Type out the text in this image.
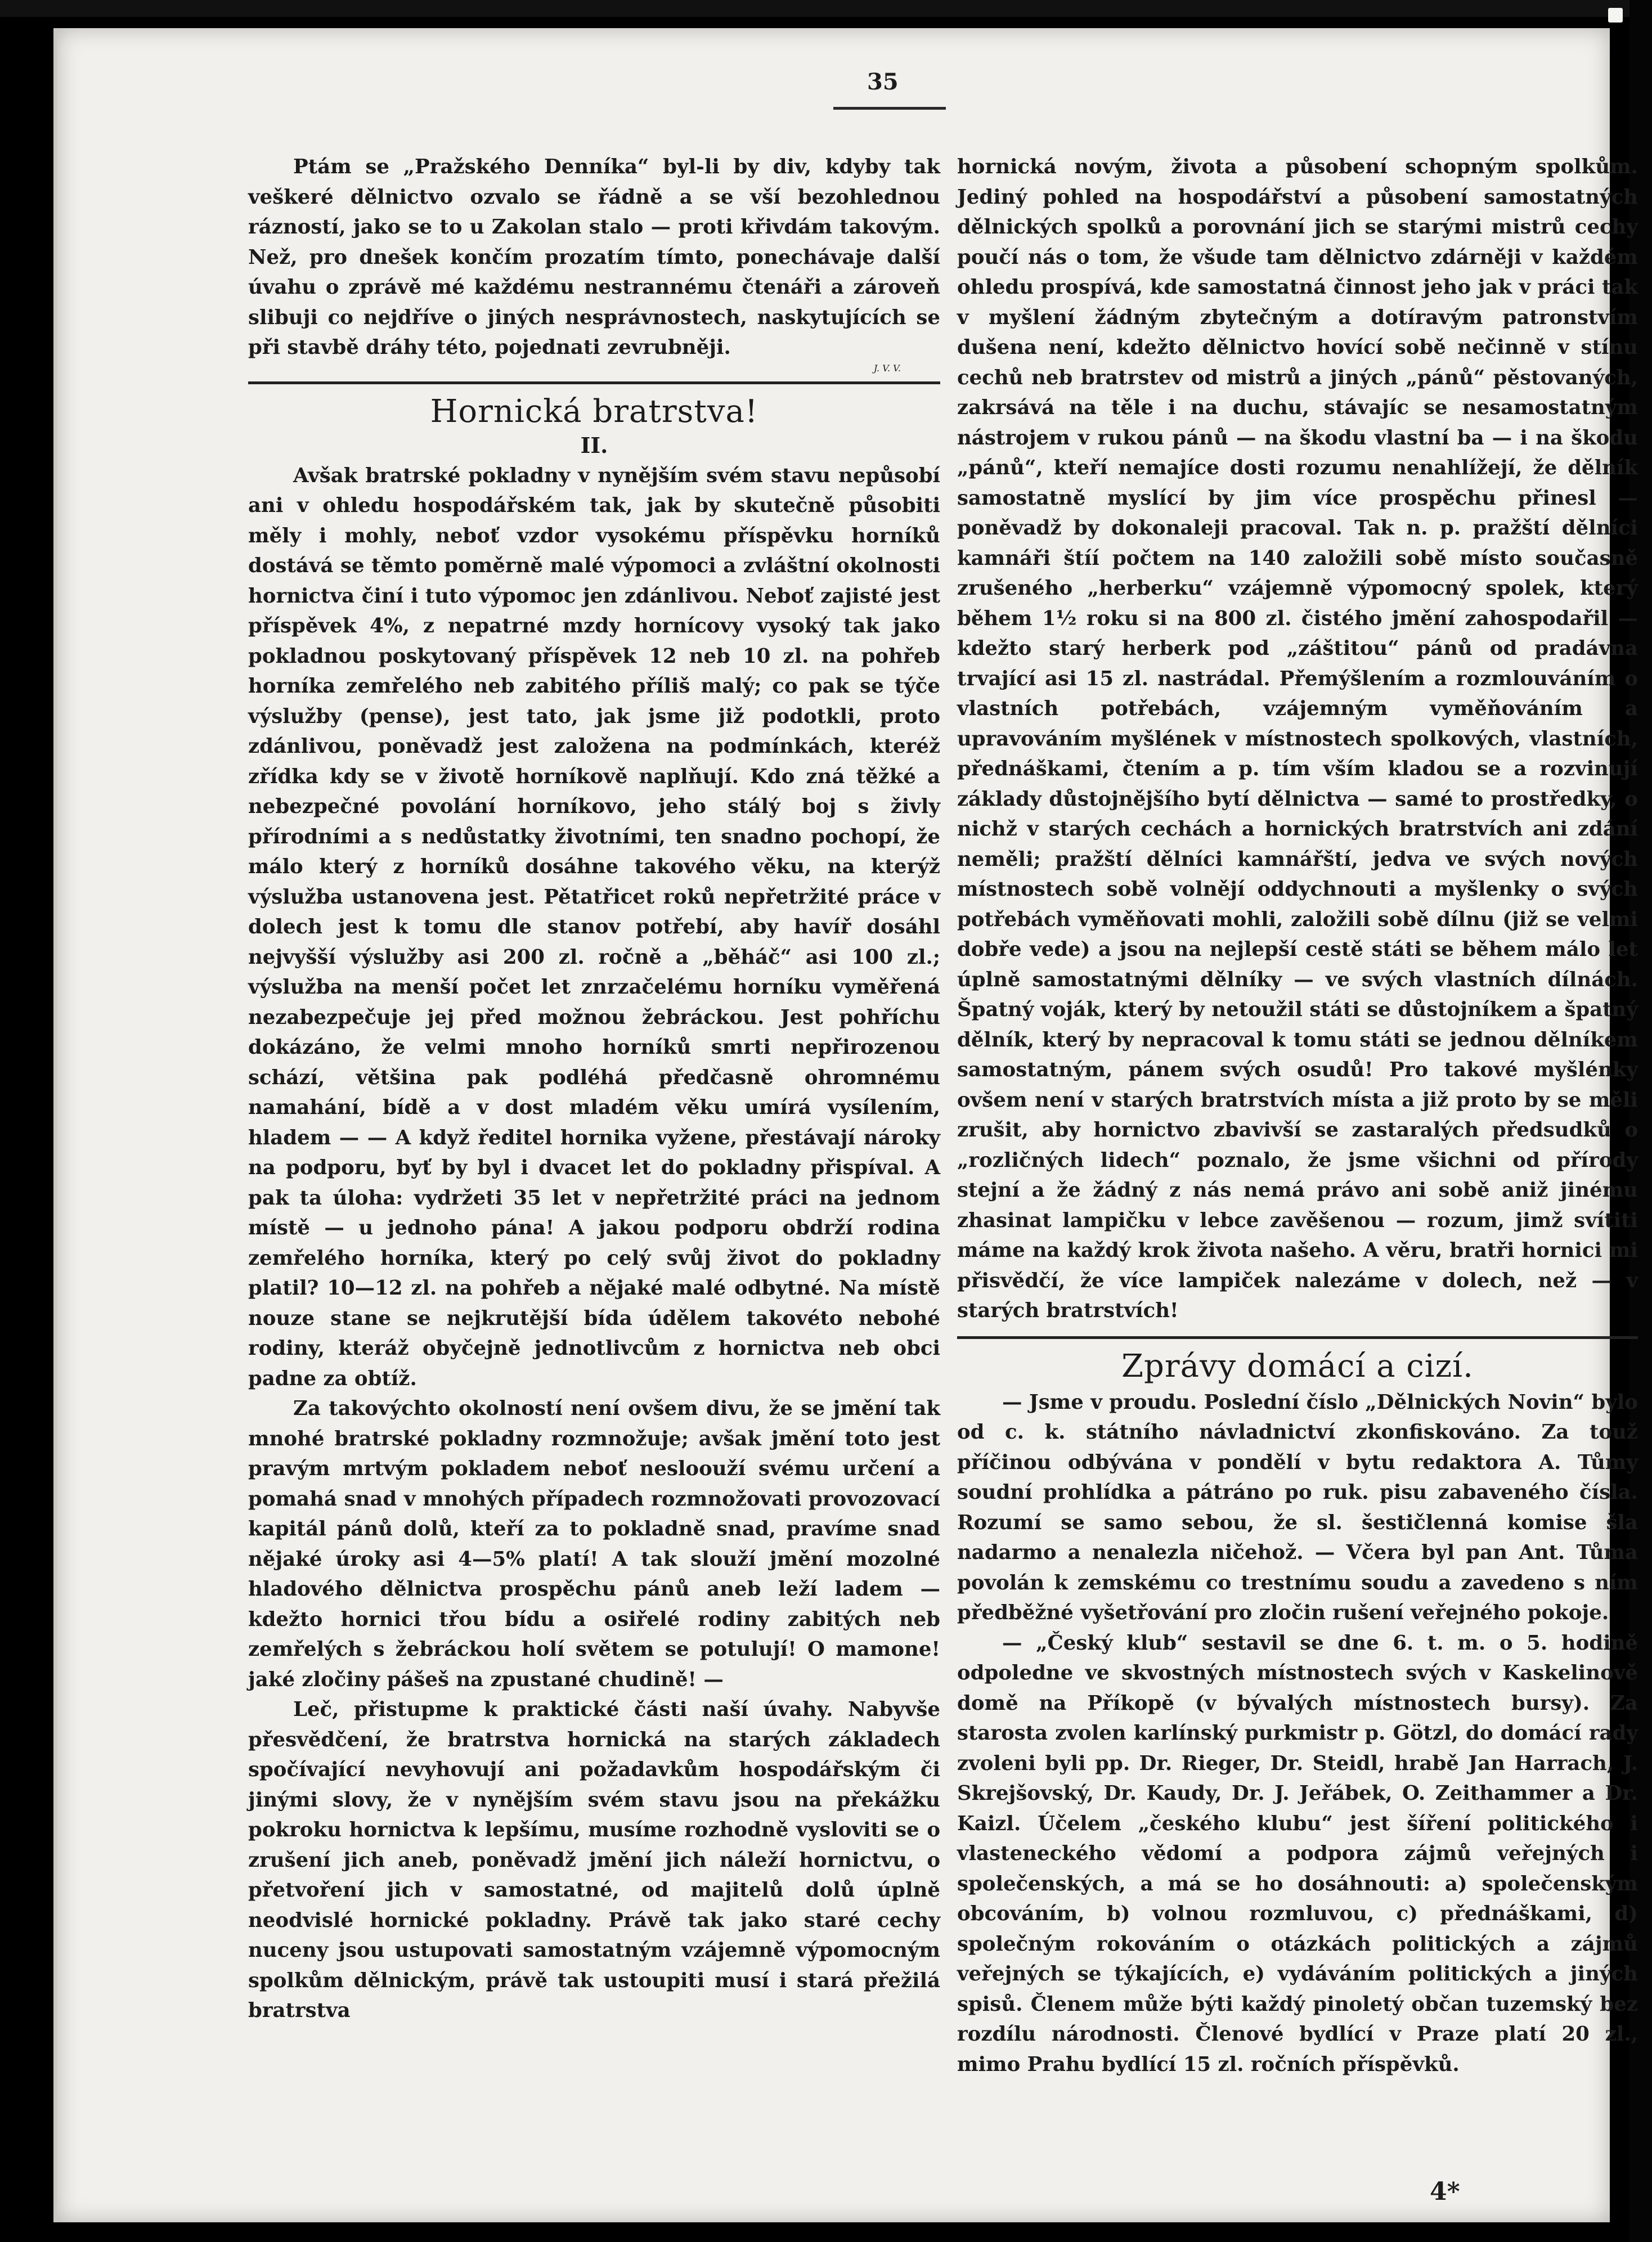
35

Ptám se „Pražského Denníka“ byl-li by div, kdyby tak veškeré dělnictvo ozvalo se řádně a se vší bezohlednou rázností, jako se to u Zakolan stalo — proti křivdám takovým. Než, pro dnešek končím prozatím tímto, ponechávaje další úvahu o zprávě mé každému nestrannému čtenáři a zároveň slibuji co nejdříve o jiných nesprávnostech, naskytujících se při stavbě dráhy této, pojednati zevrubněji.

J. V. V.
Hornická bratrstva!
II.

Avšak bratrské pokladny v nynějším svém stavu nepůsobí ani v ohledu hospodářském tak, jak by skutečně působiti měly i mohly, neboť vzdor vysokému příspěvku horníků dostává se těmto poměrně malé výpomoci a zvláštní okolnosti hornictva činí i tuto výpomoc jen zdánlivou. Neboť zajisté jest příspěvek 4%, z nepatrné mzdy hornícovy vysoký tak jako pokladnou poskytovaný příspěvek 12 neb 10 zl. na pohřeb horníka zemřelého neb zabitého příliš malý; co pak se týče výslužby (pense), jest tato, jak jsme již podotkli, proto zdánlivou, poněvadž jest založena na podmínkách, kteréž zřídka kdy se v životě horníkově naplňují. Kdo zná těžké a nebezpečné povolání horníkovo, jeho stálý boj s živly přírodními a s nedůstatky životními, ten snadno pochopí, že málo který z horníků dosáhne takového věku, na kterýž výslužba ustanovena jest. Pětatřicet roků nepřetržité práce v dolech jest k tomu dle stanov potřebí, aby havíř dosáhl nejvyšší výslužby asi 200 zl. ročně a „běháč“ asi 100 zl.; výslužba na menší počet let znrzačelému horníku vyměřená nezabezpečuje jej před možnou žebráckou. Jest pohříchu dokázáno, že velmi mnoho horníků smrti nepřirozenou schází, většina pak podléhá předčasně ohromnému namahání, bídě a v dost mladém věku umírá vysílením, hladem — — A když ředitel hornika vyžene, přestávají nároky na podporu, byť by byl i dvacet let do pokladny přispíval. A pak ta úloha: vydržeti 35 let v nepřetržité práci na jednom místě — u jednoho pána! A jakou podporu obdrží rodina zemřelého horníka, který po celý svůj život do pokladny platil? 10—12 zl. na pohřeb a nějaké malé odbytné. Na místě nouze stane se nejkrutější bída údělem takovéto nebohé rodiny, kteráž obyčejně jednotlivcům z hornictva neb obci padne za obtíž.

Za takovýchto okolností není ovšem divu, že se jmění tak mnohé bratrské pokladny rozmnožuje; avšak jmění toto jest pravým mrtvým pokladem neboť nesloouží svému určení a pomahá snad v mnohých případech rozmnožovati provozovací kapitál pánů dolů, kteří za to pokladně snad, pravíme snad nějaké úroky asi 4—5% platí! A tak slouží jmění mozolné hladového dělnictva prospěchu pánů aneb leží ladem — kdežto hornici třou bídu a osiřelé rodiny zabitých neb zemřelých s žebráckou holí světem se potulují! O mamone! jaké zločiny pášeš na zpustané chudině! —

Leč, přistupme k praktické části naší úvahy. Nabyvše přesvědčení, že bratrstva hornická na starých základech spočívající nevyhovují ani požadavkům hospodářským či jinými slovy, že v nynějším svém stavu jsou na překážku pokroku hornictva k lepšímu, musíme rozhodně vysloviti se o zrušení jich aneb, poněvadž jmění jich náleží hornictvu, o přetvoření jich v samostatné, od majitelů dolů úplně neodvislé hornické pokladny. Právě tak jako staré cechy nuceny jsou ustupovati samostatným vzájemně výpomocným spolkům dělnickým, právě tak ustoupiti musí i stará přežilá bratrstva

hornická novým, života a působení schopným spolkům. Jediný pohled na hospodářství a působení samostatných dělnických spolků a porovnání jich se starými mistrů cechy poučí nás o tom, že všude tam dělnictvo zdárněji v každém ohledu prospívá, kde samostatná činnost jeho jak v práci tak v myšlení žádným zbytečným a dotíravým patronstvím dušena není, kdežto dělnictvo hovící sobě nečinně v stínu cechů neb bratrstev od mistrů a jiných „pánů“ pěstovaných, zakrsává na těle i na duchu, stávajíc se nesamostatným nástrojem v rukou pánů — na škodu vlastní ba — i na škodu „pánů“, kteří nemajíce dosti rozumu nenahlížejí, že dělník samostatně myslící by jim více prospěchu přinesl — poněvadž by dokonaleji pracoval. Tak n. p. pražští dělníci kamnáři štíí počtem na 140 založili sobě místo současně zrušeného „herberku“ vzájemně výpomocný spolek, který během 1½ roku si na 800 zl. čistého jmění zahospodařil — kdežto starý herberk pod „záštitou“ pánů od pradávna trvající asi 15 zl. nastrádal. Přemýšlením a rozmlouváním o vlastních potřebách, vzájemným vyměňováním a upravováním myšlének v místnostech spolkových, vlastních, přednáškami, čtením a p. tím vším kladou se a rozvinují základy důstojnějšího bytí dělnictva — samé to prostředky, o nichž v starých cechách a hornických bratrstvích ani zdání neměli; pražští dělníci kamnářští, jedva ve svých nových místnostech sobě volnějí oddychnouti a myšlenky o svých potřebách vyměňovati mohli, založili sobě dílnu (již se velmi dobře vede) a jsou na nejlepší cestě státi se během málo let úplně samostatnými dělníky — ve svých vlastních dílnách. Špatný voják, který by netoužil státi se důstojníkem a špatný dělník, který by nepracoval k tomu státi se jednou dělníkem samostatným, pánem svých osudů! Pro takové myšlénky ovšem není v starých bratrstvích místa a již proto by se měli zrušit, aby hornictvo zbavivší se zastaralých předsudků o „rozličných lidech“ poznalo, že jsme všichni od přírody stejní a že žádný z nás nemá právo ani sobě aniž jinému zhasinat lampičku v lebce zavěšenou — rozum, jimž svítiti máme na každý krok života našeho. A věru, bratři hornici mi přisvědčí, že více lampiček nalezáme v dolech, než — v starých bratrstvích!

Zprávy domácí a cizí.

— Jsme v proudu. Poslední číslo „Dělnických Novin“ bylo od c. k. státního návladnictví zkonfiskováno. Za touž příčinou odbývána v pondělí v bytu redaktora A. Tůmy soudní prohlídka a pátráno po ruk. pisu zabaveného čísla. Rozumí se samo sebou, že sl. šestičlenná komise šla nadarmo a nenalezla ničehož. — Včera byl pan Ant. Tůma povolán k zemskému co trestnímu soudu a zavedeno s ním předběžné vyšetřování pro zločin rušení veřejného pokoje.

— „Český klub“ sestavil se dne 6. t. m. o 5. hodině odpoledne ve skvostných místnostech svých v Kaskelinově domě na Příkopě (v bývalých místnostech bursy). Za starosta zvolen karlínský purkmistr p. Götzl, do domácí rady zvoleni byli pp. Dr. Rieger, Dr. Steidl, hrabě Jan Harrach, J. Skrejšovský, Dr. Kaudy, Dr. J. Jeřábek, O. Zeithammer a Dr. Kaizl. Účelem „českého klubu“ jest šíření politického i vlasteneckého vědomí a podpora zájmů veřejných i společenských, a má se ho dosáhnouti: a) společenským obcováním, b) volnou rozmluvou, c) přednáškami, d) společným rokováním o otázkách politických a zájmů veřejných se týkajících, e) vydáváním politických a jiných spisů. Členem může býti každý pinoletý občan tuzemský bez rozdílu národnosti. Členové bydlící v Praze platí 20 zl., mimo Prahu bydlící 15 zl. ročních příspěvků.

4*
